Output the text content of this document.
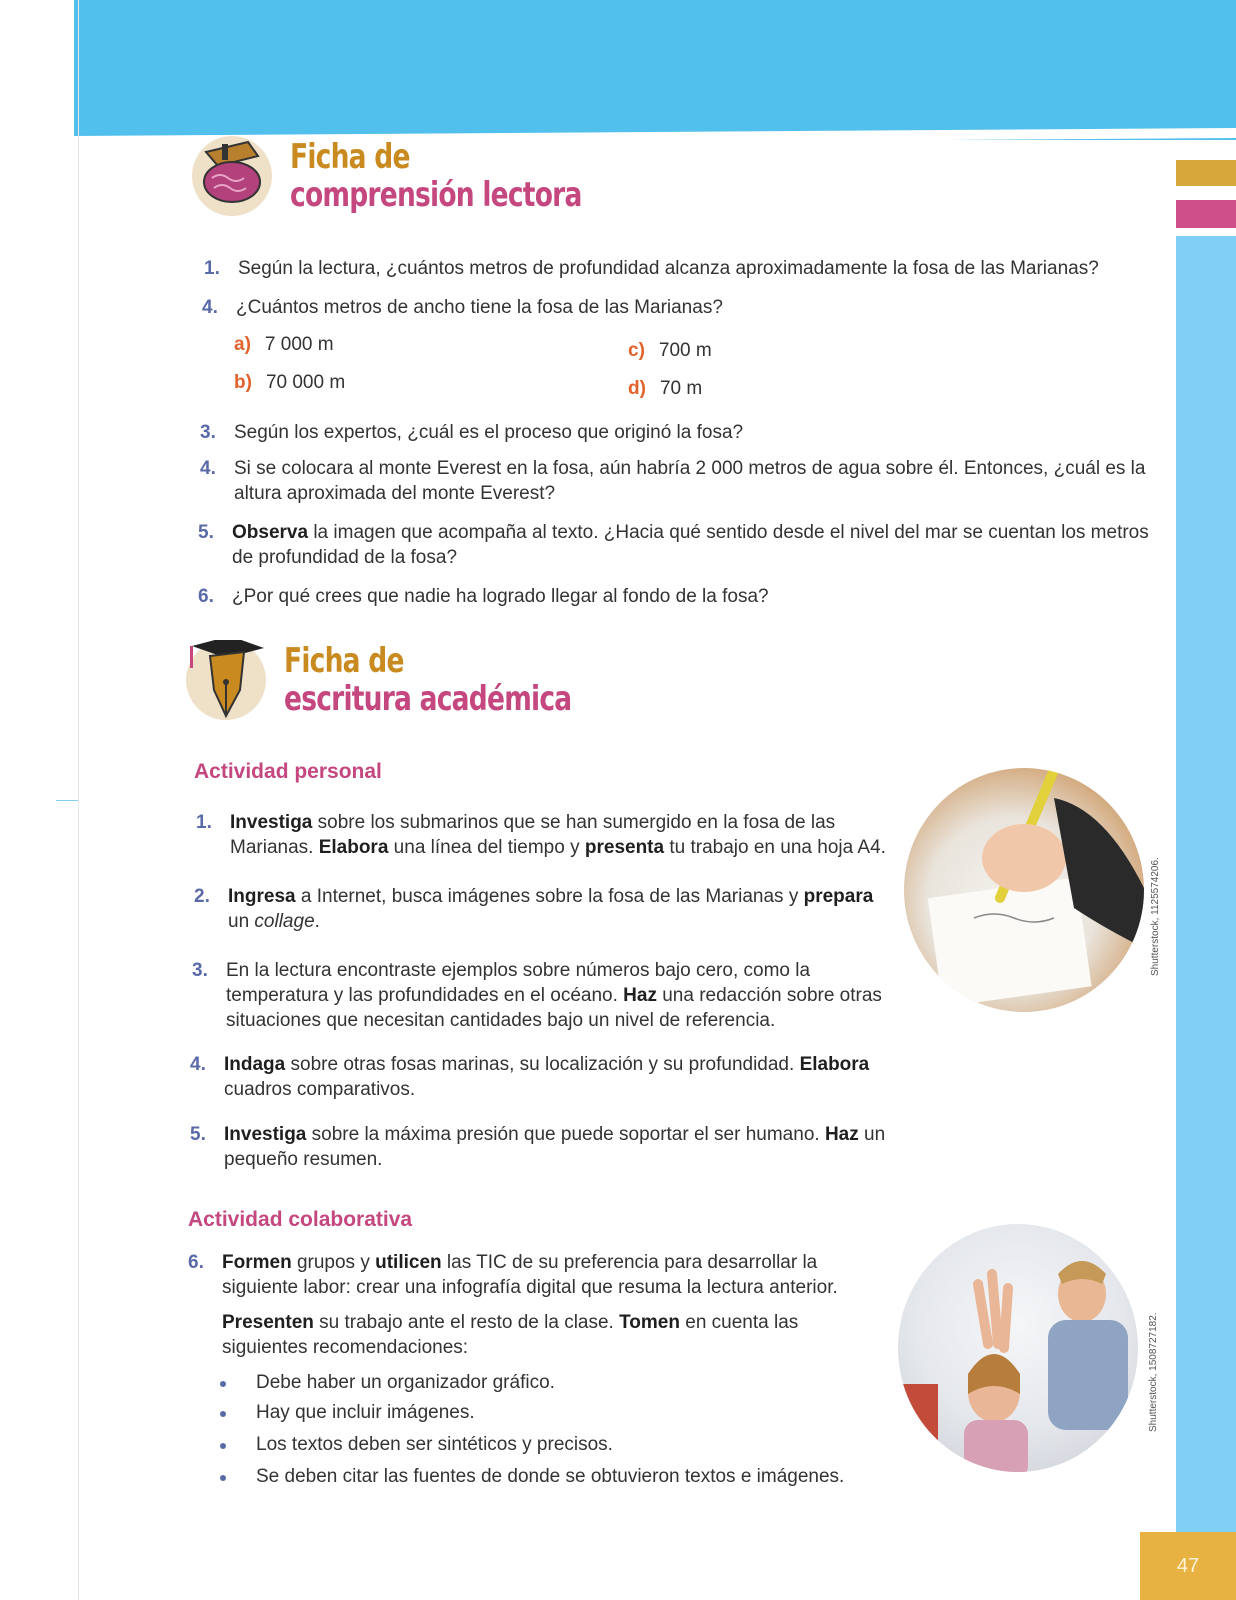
47
Ficha de
comprensión lectora
1. Según la lectura, ¿cuántos metros de profundidad alcanza aproximadamente la fosa de las Marianas?
4. ¿Cuántos metros de ancho tiene la fosa de las Marianas?
a) 7 000 m
b) 70 000 m
c) 700 m
d) 70 m
3. Según los expertos, ¿cuál es el proceso que originó la fosa?
4. Si se colocara al monte Everest en la fosa, aún habría 2 000 metros de agua sobre él. Entonces, ¿cuál es la altura aproximada del monte Everest?
5. Observa la imagen que acompaña al texto. ¿Hacia qué sentido desde el nivel del mar se cuentan los metros de profundidad de la fosa?
6. ¿Por qué crees que nadie ha logrado llegar al fondo de la fosa?
Ficha de
escritura académica
Actividad personal
1. Investiga sobre los submarinos que se han sumergido en la fosa de las Marianas. Elabora una línea del tiempo y presenta tu trabajo en una hoja A4.
2. Ingresa a Internet, busca imágenes sobre la fosa de las Marianas y prepara un collage.
3. En la lectura encontraste ejemplos sobre números bajo cero, como la temperatura y las profundidades en el océano. Haz una redacción sobre otras situaciones que necesitan cantidades bajo un nivel de referencia.
4. Indaga sobre otras fosas marinas, su localización y su profundidad. Elabora cuadros comparativos.
5. Investiga sobre la máxima presión que puede soportar el ser humano. Haz un pequeño resumen.
Shutterstock, 1125574206.
Actividad colaborativa
6. Formen grupos y utilicen las TIC de su preferencia para desarrollar la siguiente labor: crear una infografía digital que resuma la lectura anterior.
Presenten su trabajo ante el resto de la clase. Tomen en cuenta las siguientes recomendaciones:
Debe haber un organizador gráfico.
Hay que incluir imágenes.
Los textos deben ser sintéticos y precisos.
Se deben citar las fuentes de donde se obtuvieron textos e imágenes.
Shutterstock, 1508727182.
